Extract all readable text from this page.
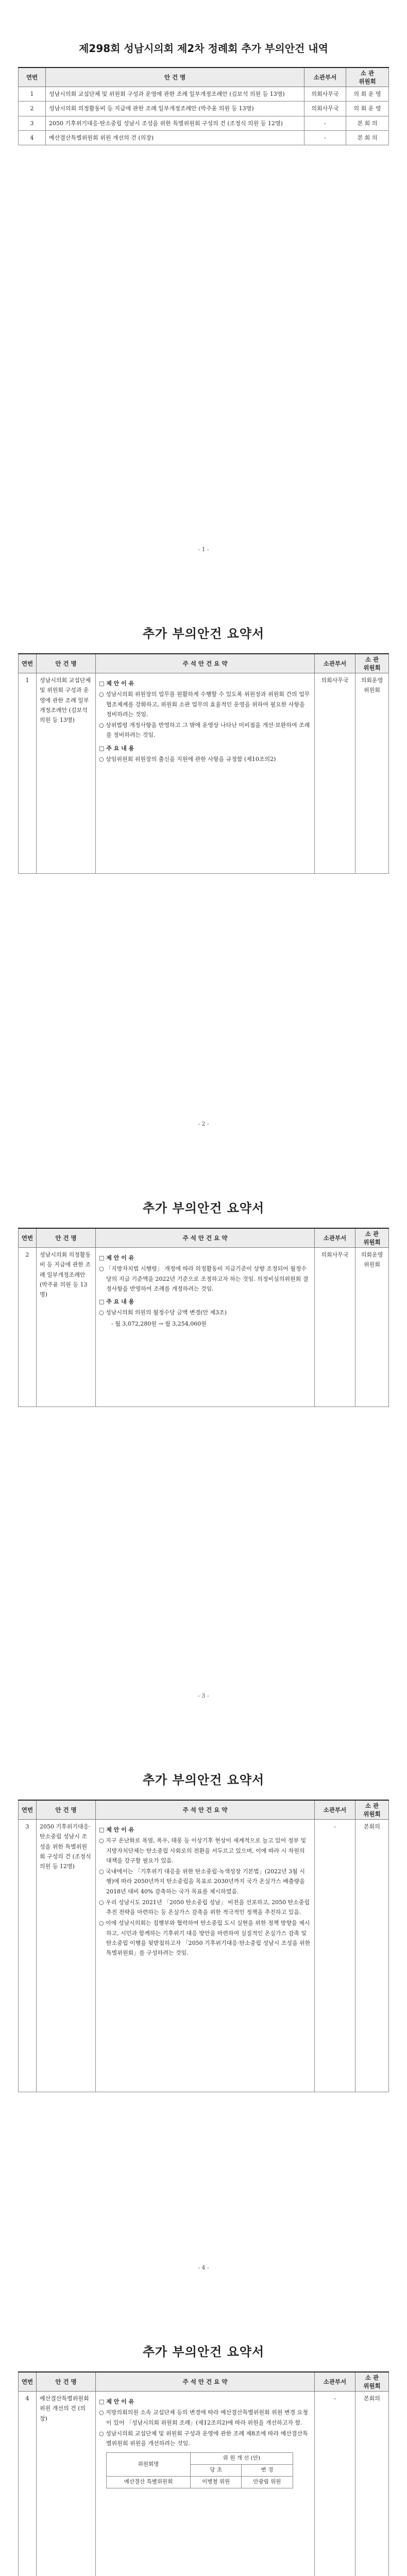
제298회 성남시의회 제2차 정례회 추가 부의안건 내역
연번	안 건 명	소관부서	소 관
위원회
1	성남시의회 교섭단체 및 위원회 구성과 운영에 관한 조례 일부개정조례안 (김보석 의원 등 13명)	의회사무국	의 회 운 영
2	성남시의회 의정활동비 등 지급에 관한 조례 일부개정조례안 (박주윤 의원 등 13명)	의회사무국	의 회 운 영
3	2050 기후위기대응·탄소중립 성남시 조성을 위한 특별위원회 구성의 건 (조정식 의원 등 12명)	-	본 회 의
4	예산결산특별위원회 위원 개선의 건 (의장)	-	본 회 의
- 1 -
추가 부의안건 요약서
연번	안 건 명	주 석 안 건 요 약	소관부서	소 관
위원회
1	성남시의회 교섭단체 및 위원회 구성과 운영에 관한 조례 일부개정조례안 (김보석 의원 등 13명)	□ 제 안 이 유
○ 성남시의회 위원장의 업무를 원활하게 수행할 수 있도록 위원장과 위원회 간의 업무 협조체계를 강화하고, 위원회 소관 업무의 효율적인 운영을 위하여 필요한 사항을 정비하려는 것임.
○ 상위법령 개정사항을 반영하고 그 밖에 운영상 나타난 미비점을 개선·보완하여 조례를 정비하려는 것임.
□ 주 요 내 용
○ 상임위원회 위원장의 출신을 지원에 관한 사항을 규정함 (제10조의2)	의회사무국	의회운영 위원회
- 2 -
추가 부의안건 요약서
연번	안 건 명	주 석 안 건 요 약	소관부서	소 관
위원회
2	성남시의회 의정활동비 등 지급에 관한 조례 일부개정조례안 (박주윤 의원 등 13명)	□ 제 안 이 유
○ 「지방자치법 시행령」 개정에 따라 의정활동비 지급기준이 상향 조정되어 월정수당의 지급 기준액을 2022년 기준으로 조정하고자 하는 것임. 의정비심의위원회 결정사항을 반영하여 조례를 개정하려는 것임.
□ 주 요 내 용
○ 성남시의회 의원의 월정수당 금액 변경(안 제3조)
- 월 3,072,280원 → 월 3,254,060원	의회사무국	의회운영 위원회
- 3 -
추가 부의안건 요약서
연번	안 건 명	주 석 안 건 요 약	소관부서	소 관
위원회
3	2050 기후위기대응·탄소중립 성남시 조성을 위한 특별위원회 구성의 건 (조정식 의원 등 12명)	□ 제 안 이 유
○ 지구 온난화로 폭염, 폭우, 태풍 등 이상기후 현상이 세계적으로 늘고 있어 정부 및 지방자치단체는 탄소중립 사회로의 전환을 서두르고 있으며, 이에 따라 시 차원의 대책을 강구할 필요가 있음.
○ 국내에서는 「기후위기 대응을 위한 탄소중립·녹색성장 기본법」(2022년 3월 시행)에 따라 2050년까지 탄소중립을 목표로 2030년까지 국가 온실가스 배출량을 2018년 대비 40% 감축하는 국가 목표를 제시하였음.
○ 우리 성남시도 2021년 「2050 탄소중립 성남」 비전을 선포하고, 2050 탄소중립 추진 전략을 마련하는 등 온실가스 감축을 위한 적극적인 정책을 추진하고 있음.
○ 이에 성남시의회는 집행부와 협력하여 탄소중립 도시 실현을 위한 정책 방향을 제시하고, 시민과 함께하는 기후위기 대응 방안을 마련하여 실질적인 온실가스 감축 및 탄소중립 이행을 뒷받침하고자 「2050 기후위기대응·탄소중립 성남시 조성을 위한 특별위원회」를 구성하려는 것임.	-	본회의
- 4 -
추가 부의안건 요약서
연번	안 건 명	주 석 안 건 요 약	소관부서	소 관
위원회
4	예산결산특별위원회 위원 개선의 건 (의장)	
□ 제 안 이 유
○ 지방의회의원 소속 교섭단체 등의 변경에 따라 예산결산특별위원회 위원 변경 요청이 있어 「성남시의회 위원회 조례」(제12조의2)에 따라 위원을 개선하고자 함.
○ 성남시의회 교섭단체 및 위원회 구성과 운영에 관한 조례 제8조에 따라 예산결산특별위원회 위원을 개선하려는 것임.
위원회명	위 원 개 선 (안)
당 초	변 경
예산결산 특별위원회	이병철 위원	안광림 위원
	-	본회의
